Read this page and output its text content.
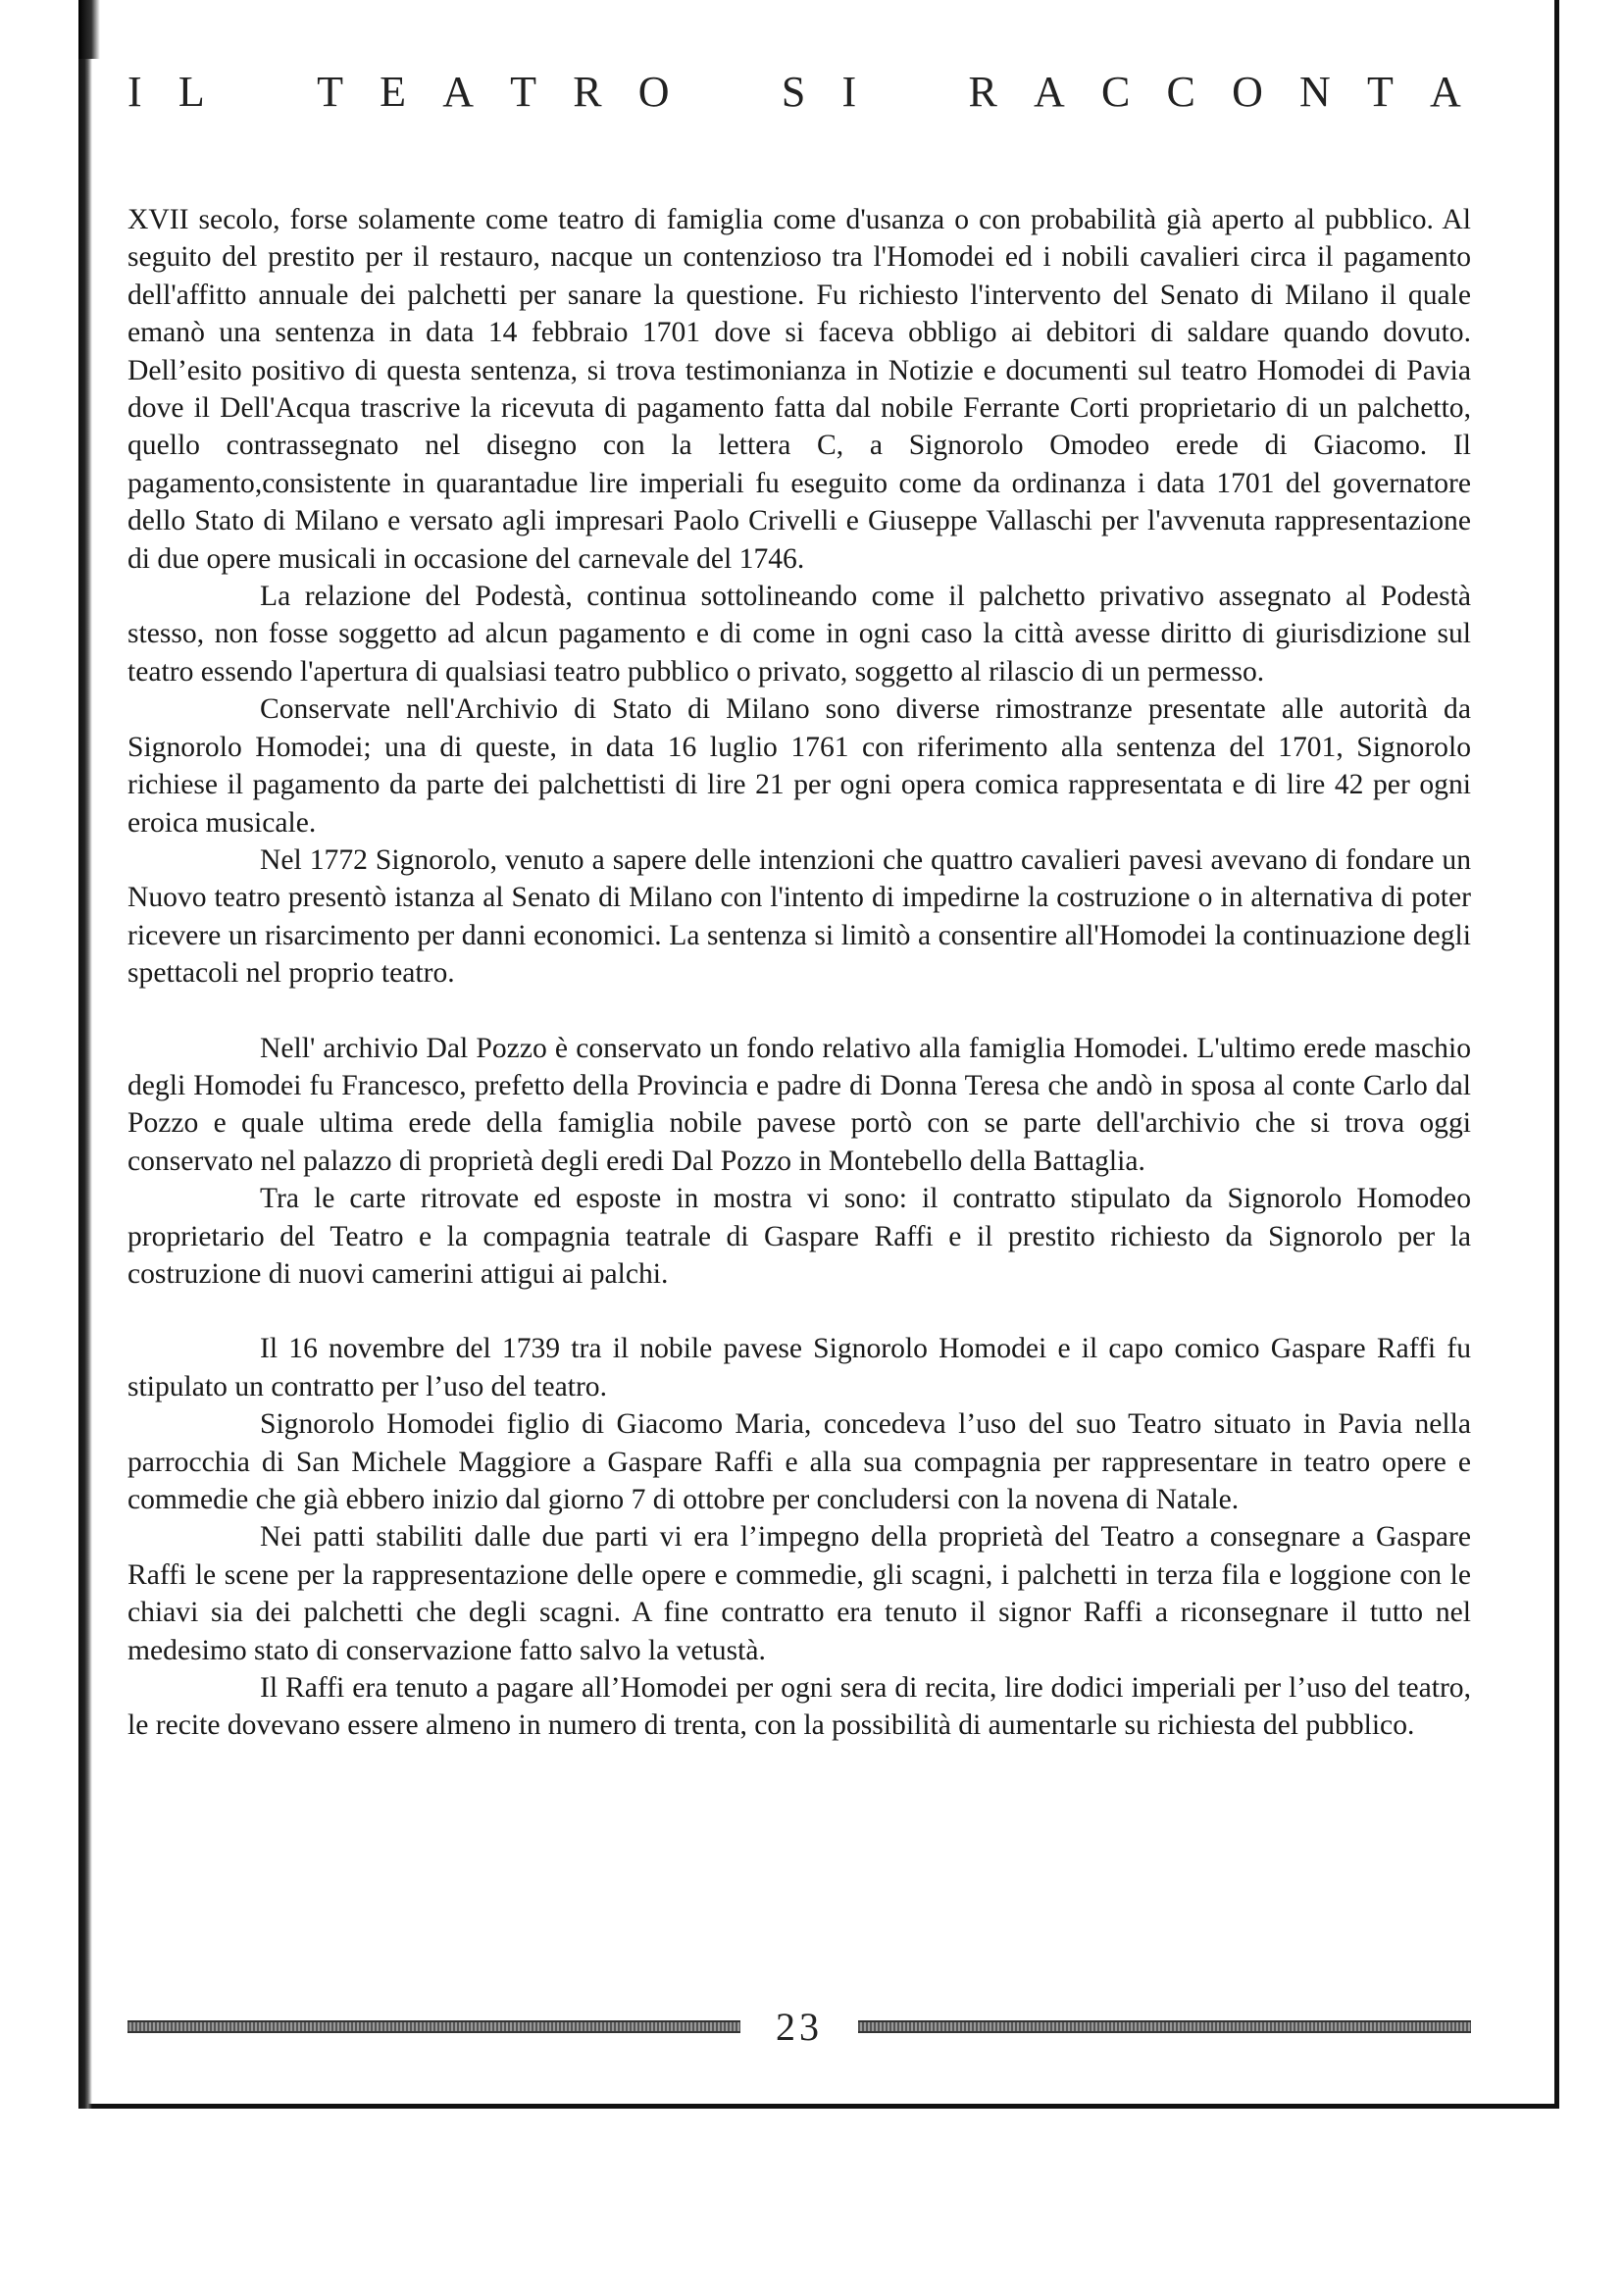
I L	T E A T R O	S I	R A C C O N T A

XVII secolo, forse solamente come teatro di famiglia come d'usanza o con probabilità già aperto al pubblico. Al seguito del prestito per il restauro, nacque un contenzioso tra l'Homodei ed i nobili cavalieri circa il pagamento dell'affitto annuale dei palchetti per sanare la questione. Fu richiesto l'intervento del Senato di Milano il quale emanò una sentenza in data 14 febbraio 1701 dove si faceva obbligo ai debitori di saldare quando dovuto. Dell’esito positivo di questa sentenza, si trova testimonianza in Notizie e documenti sul teatro Homodei di Pavia dove il Dell'Acqua trascrive la ricevuta di pagamento fatta dal nobile Ferrante Corti proprietario di un palchetto, quello contrassegnato nel disegno con la lettera C, a Signorolo Omodeo erede di Giacomo. Il pagamento,consistente in quarantadue lire imperiali fu eseguito come da ordinanza i data 1701 del governatore dello Stato di Milano e versato agli impresari Paolo Crivelli e Giuseppe Vallaschi per l'avvenuta rappresentazione di due opere musicali in occasione del carnevale del 1746.

La relazione del Podestà, continua sottolineando come il palchetto privativo assegnato al Podestà stesso, non fosse soggetto ad alcun pagamento e di come in ogni caso la città avesse diritto di giurisdizione sul teatro essendo l'apertura di qualsiasi teatro pubblico o privato, soggetto al rilascio di un permesso.

Conservate nell'Archivio di Stato di Milano sono diverse rimostranze presentate alle autorità da Signorolo Homodei; una di queste, in data 16 luglio 1761 con riferimento alla sentenza del 1701, Signorolo richiese il pagamento da parte dei palchettisti di lire 21 per ogni opera comica rappresentata e di lire 42 per ogni eroica musicale.

Nel 1772 Signorolo, venuto a sapere delle intenzioni che quattro cavalieri pavesi avevano di fondare un Nuovo teatro presentò istanza al Senato di Milano con l'intento di impedirne la costruzione o in alternativa di poter ricevere un risarcimento per danni economici. La sentenza si limitò a consentire all'Homodei la continuazione degli spettacoli nel proprio teatro.

Nell' archivio Dal Pozzo è conservato un fondo relativo alla famiglia Homodei. L'ultimo erede maschio degli Homodei fu Francesco, prefetto della Provincia e padre di Donna Teresa che andò in sposa al conte Carlo dal Pozzo e quale ultima erede della famiglia nobile pavese portò con se parte dell'archivio che si trova oggi conservato nel palazzo di proprietà degli eredi Dal Pozzo in Montebello della Battaglia.

Tra le carte ritrovate ed esposte in mostra vi sono: il contratto stipulato da Signorolo Homodeo proprietario del Teatro e la compagnia teatrale di Gaspare Raffi e il prestito richiesto da Signorolo per la costruzione di nuovi camerini attigui ai palchi.

Il 16 novembre del 1739 tra il nobile pavese Signorolo Homodei e il capo comico Gaspare Raffi fu stipulato un contratto per l’uso del teatro.

Signorolo Homodei figlio di Giacomo Maria, concedeva l’uso del suo Teatro situato in Pavia nella parrocchia di San Michele Maggiore a Gaspare Raffi e alla sua compagnia per rappresentare in teatro opere e commedie che già ebbero inizio dal giorno 7 di ottobre per concludersi con la novena di Natale.

Nei patti stabiliti dalle due parti vi era l’impegno della proprietà del Teatro a consegnare a Gaspare Raffi le scene per la rappresentazione delle opere e commedie, gli scagni, i palchetti in terza fila e loggione con le chiavi sia dei palchetti che degli scagni. A fine contratto era tenuto il signor Raffi a riconsegnare il tutto nel medesimo stato di conservazione fatto salvo la vetustà.

Il Raffi era tenuto a pagare all’Homodei per ogni sera di recita, lire dodici imperiali per l’uso del teatro, le recite dovevano essere almeno in numero di trenta, con la possibilità di aumentarle su richiesta del pubblico.

23
